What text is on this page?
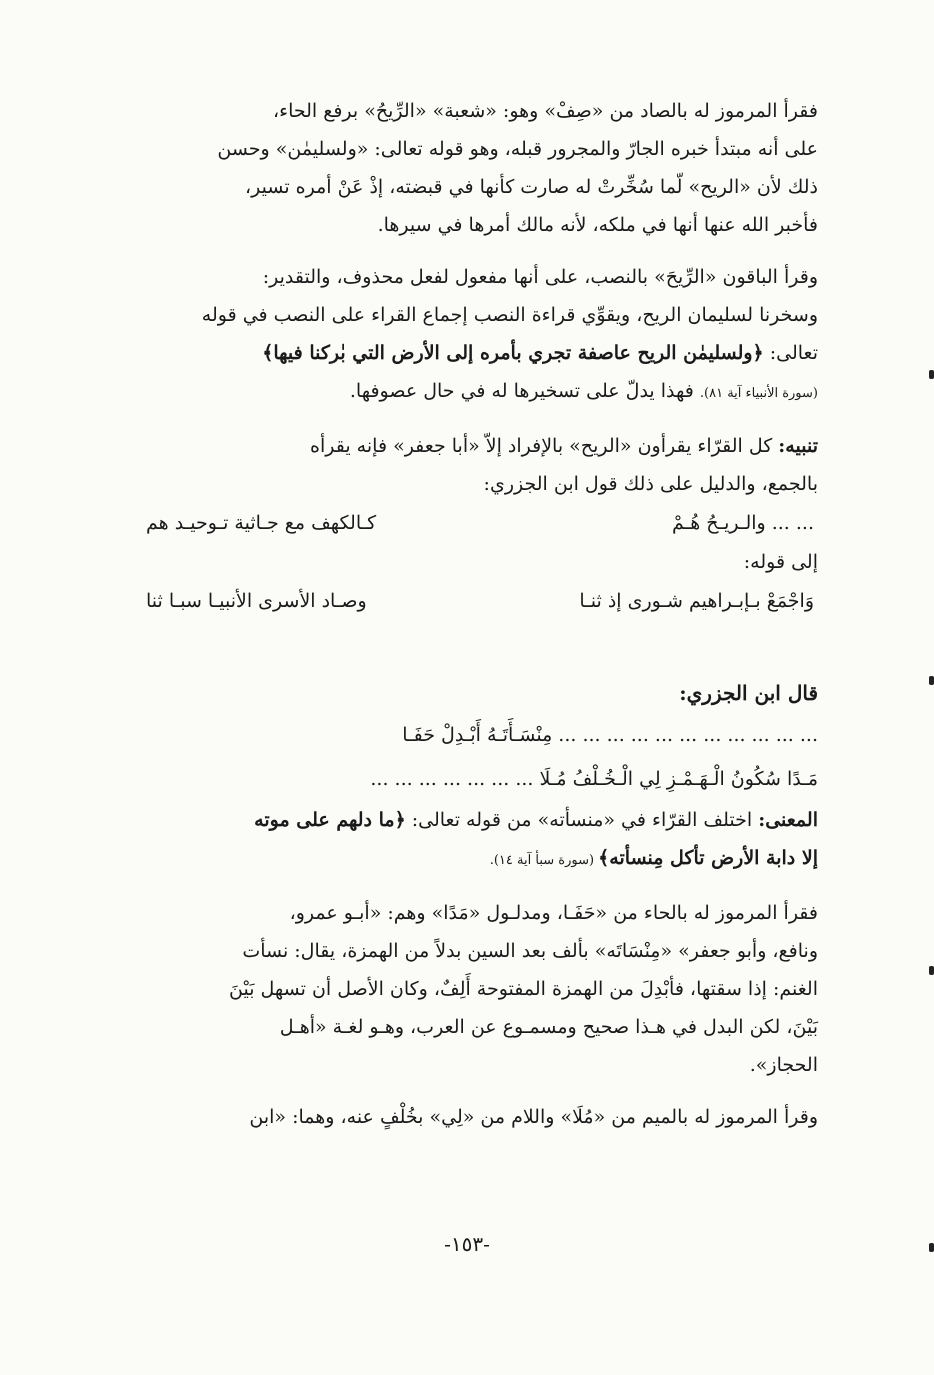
فقرأ المرموز له بالصاد من «صِفْ» وهو: «شعبة» «الرِّيحُ» برفع الحاء،

على أنه مبتدأ خبره الجارّ والمجرور قبله، وهو قوله تعالى: «ولسليمٰن» وحسن

ذلك لأن «الريح» لّما سُخِّرتْ له صارت كأنها في قبضته، إذْ عَنْ أمره تسير،

فأخبر الله عنها أنها في ملكه، لأنه مالك أمرها في سيرها.

وقرأ الباقون «الرِّيحَ» بالنصب، على أنها مفعول لفعل محذوف، والتقدير:

وسخرنا لسليمان الريح، ويقوِّي قراءة النصب إجماع القراء على النصب في قوله

تعالى: ﴿ولسليمٰن الريح عاصفة تجري بأمره إلى الأرض التي بٰركنا فيها﴾

(سورة الأنبياء آية ٨١). فهذا يدلّ على تسخيرها له في حال عصوفها.

تنبيه: كل القرّاء يقرأون «الريح» بالإفراد إلاّ «أبا جعفر» فإنه يقرأه

بالجمع، والدليل على ذلك قول ابن الجزري:

... ... والـريـحُ هُـمْ
كـالكهف مع جـاثية تـوحيـد هم

إلى قوله:

وَاجْمَعْ بـإبـراهيم شـورى إذ ثنـا
وصـاد الأسرى الأنبيـا سبـا ثنا
قال ابن الجزري:
... ... ... ... ... ... ... ... ... ... ... مِنْسَـأَتَـهُ أَبْـدِلْ حَفَـا
مَـدًا سُكُونُ الْـهَـمْـزِ لِي الْـخُـلْفُ مُـلَا ... ... ... ... ... ... ...

المعنى: اختلف القرّاء في «منسأته» من قوله تعالى: ﴿ما دلهم على موته

إلا دابة الأرض تأكل مِنسأته﴾ (سورة سبأ آية ١٤).

فقرأ المرموز له بالحاء من «حَفَـا، ومدلـول «مَدًا» وهم: «أبـو عمرو،

ونافع، وأبو جعفر» «مِنْسَاتَه» بألف بعد السين بدلاً من الهمزة، يقال: نسأت

الغنم: إذا سقتها، فأبْدِلَ من الهمزة المفتوحة أَلِفٌ، وكان الأصل أن تسهل بَيْنَ

بَيْنَ، لكن البدل في هـذا صحيح ومسمـوع عن العرب، وهـو لغـة «أهـل

الحجاز».

وقرأ المرموز له بالميم من «مُلَا» واللام من «لِي» بخُلْفٍ عنه، وهما: «ابن

-١٥٣-
